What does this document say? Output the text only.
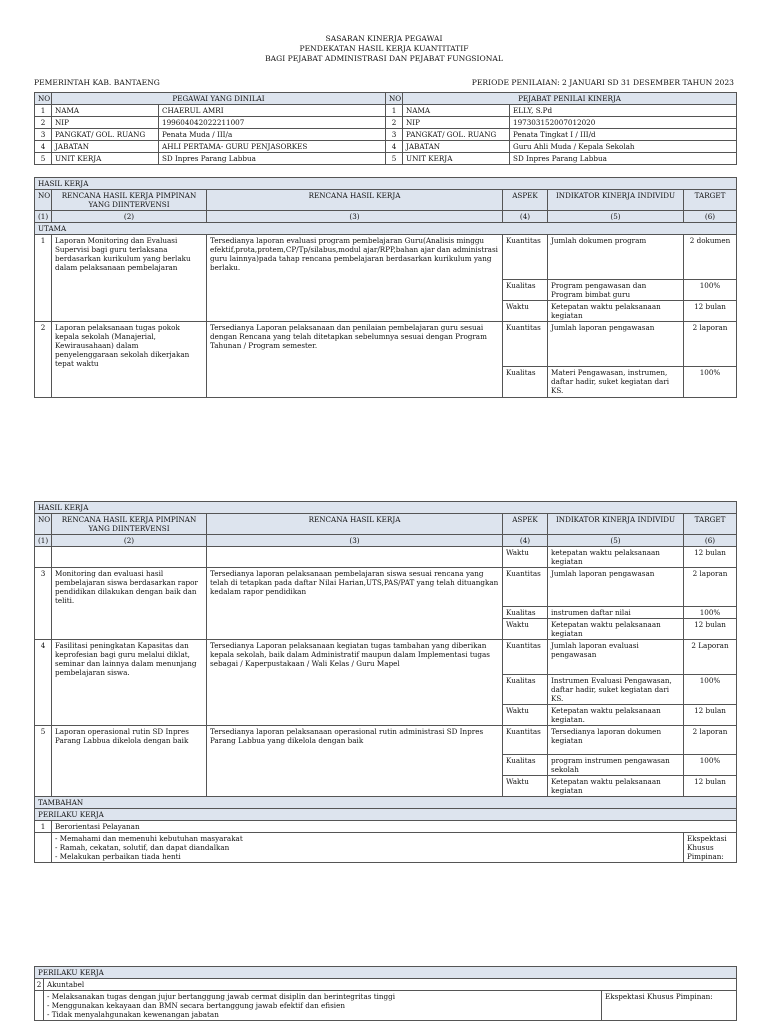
SASARAN KINERJA PEGAWAI
PENDEKATAN HASIL KERJA KUANTITATIF
BAGI PEJABAT ADMINISTRASI DAN PEJABAT FUNGSIONAL
PEMERINTAH KAB. BANTAENG	PERIODE PENILAIAN: 2 JANUARI SD 31 DESEMBER TAHUN 2023
NO	PEGAWAI YANG DINILAI		NO	PEJABAT PENILAI KINERJA	
1	NAMA	CHAERUL AMRI	1	NAMA	ELLY, S.Pd
2	NIP	199604042022211007	2	NIP	197303152007012020
3	PANGKAT/ GOL. RUANG	Penata Muda / III/a	3	PANGKAT/ GOL. RUANG	Penata Tingkat I / III/d
4	JABATAN	AHLI PERTAMA- GURU PENJASORKES	4	JABATAN	Guru Ahli Muda / Kepala Sekolah
5	UNIT KERJA	SD Inpres Parang Labbua	5	UNIT KERJA	SD Inpres Parang Labbua
HASIL KERJA					
NO	RENCANA HASIL KERJA PIMPINAN YANG DIINTERVENSI	RENCANA HASIL KERJA	ASPEK	INDIKATOR KINERJA INDIVIDU	TARGET
(1)	(2)	(3)	(4)	(5)	(6)
UTAMA					
1	Laporan Monitoring dan Evaluasi Supervisi bagi guru terlaksana berdasarkan kurikulum yang berlaku dalam pelaksanaan pembelajaran	Tersedianya laporan evaluasi program pembelajaran Guru(Analisis minggu efektif,prota,protem,CP/Tp/silabus,modul ajar/RPP,bahan ajar dan administrasi guru lainnya)pada tahap rencana pembelajaran berdasarkan kurikulum yang berlaku.	Kuantitas	Jumlah dokumen program	2 dokumen
			Kualitas	Program pengawasan dan Program bimbat guru	100%
			Waktu	Ketepatan waktu pelaksanaan kegiatan	12 bulan
2	Laporan pelaksanaan tugas pokok kepala sekolah (Manajerial, Kewirausahaan) dalam penyelenggaraan sekolah dikerjakan tepat waktu	Tersedianya Laporan pelaksanaan dan penilaian pembelajaran guru sesuai dengan Rencana yang telah ditetapkan sebelumnya sesuai dengan Program Tahunan / Program semester.	Kuantitas	Jumlah laporan pengawasan	2 laporan
			Kualitas	Materi Pengawasan, instrumen, daftar hadir, suket kegiatan dari KS.	100%
HASIL KERJA					
NO	RENCANA HASIL KERJA PIMPINAN YANG DIINTERVENSI	RENCANA HASIL KERJA	ASPEK	INDIKATOR KINERJA INDIVIDU	TARGET
(1)	(2)	(3)	(4)	(5)	(6)
			Waktu	ketepatan waktu pelaksanaan kegiatan	12 bulan
3	Monitoring dan evaluasi hasil pembelajaran siswa berdasarkan rapor pendidikan dilakukan dengan baik dan teliti.	Tersedianya laporan pelaksanaan pembelajaran siswa sesuai rencana yang telah di tetapkan pada daftar Nilai Harian,UTS,PAS/PAT yang telah dituangkan kedalam rapor pendidikan	Kuantitas	Jumlah laporan pengawasan	2 laporan
			Kualitas	instrumen daftar nilai	100%
			Waktu	Ketepatan waktu pelaksanaan kegiatan	12 bulan
4	Fasilitasi peningkatan Kapasitas dan keprofesian bagi guru melalui diklat, seminar dan lainnya dalam menunjang pembelajaran siswa.	Tersedianya Laporan pelaksanaan kegiatan tugas tambahan yang diberikan kepala sekolah, baik dalam Administratif maupun dalam Implementasi tugas sebagai / Kaperpustakaan / Wali Kelas / Guru Mapel	Kuantitas	Jumlah laporan evaluasi pengawasan	2 Laporan
			Kualitas	Instrumen Evaluasi Pengawasan, daftar hadir, suket kegiatan dari KS.	100%
			Waktu	Ketepatan waktu pelaksanaan kegiatan.	12 bulan
5	Laporan operasional rutin SD Inpres Parang Labbua dikelola dengan baik	Tersedianya laporan pelaksanaan operasional rutin administrasi SD Inpres Parang Labbua yang dikelola dengan baik	Kuantitas	Tersedianya laporan dokumen kegiatan	2 laporan
			Kualitas	program instrumen pengawasan sekolah	100%
			Waktu	Ketepatan waktu pelaksanaan kegiatan	12 bulan
TAMBAHAN					
PERILAKU KERJA					
1	Berorientasi Pelayanan				

	- Memahami dan memenuhi kebutuhan masyarakat
- Ramah, cekatan, solutif, dan dapat diandalkan
- Melakukan perbaikan tiada henti				Ekspektasi Khusus Pimpinan:
PERILAKU KERJA		
2	Akuntabel	

	- Melaksanakan tugas dengan jujur bertanggung jawab cermat disiplin dan berintegritas tinggi
- Menggunakan kekayaan dan BMN secara bertanggung jawab efektif dan efisien
- Tidak menyalahgunakan kewenangan jabatan	Ekspektasi Khusus Pimpinan:
